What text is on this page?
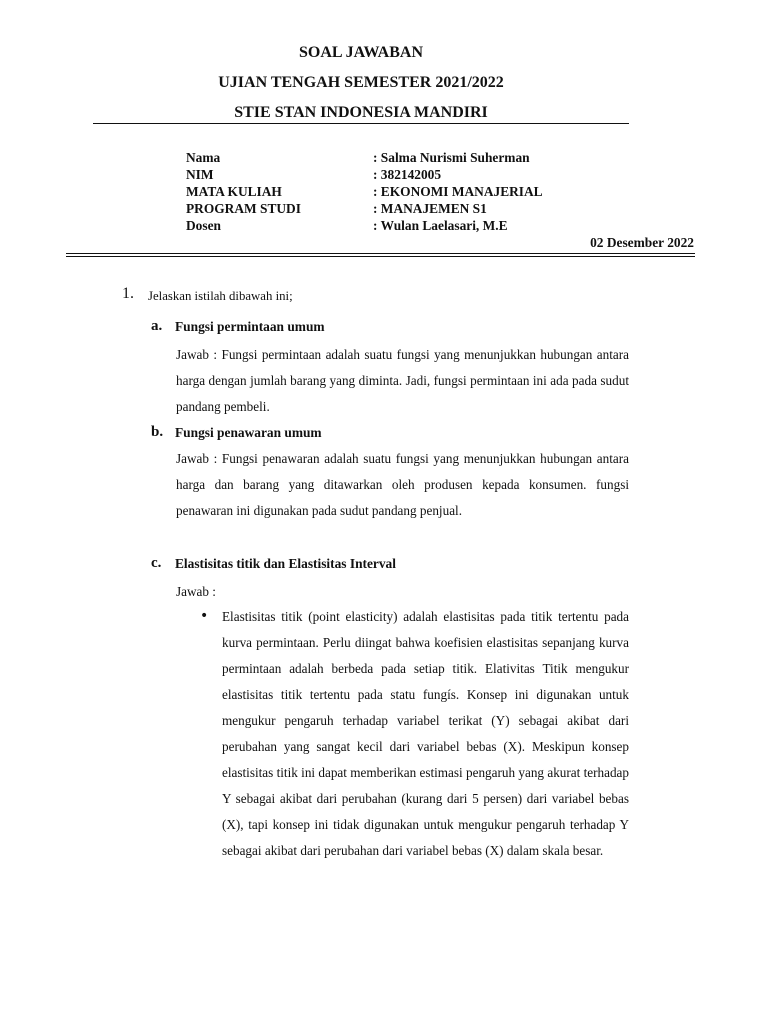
SOAL JAWABAN
UJIAN TENGAH SEMESTER 2021/2022
STIE STAN INDONESIA MANDIRI
Nama	: Salma Nurismi Suherman
NIM	: 382142005
MATA KULIAH	: EKONOMI MANAJERIAL
PROGRAM STUDI	: MANAJEMEN S1
Dosen	: Wulan Laelasari, M.E
02 Desember 2022
1. Jelaskan istilah dibawah ini;
a. Fungsi permintaan umum
Jawab : Fungsi permintaan adalah suatu fungsi yang menunjukkan hubungan antara harga dengan jumlah barang yang diminta. Jadi, fungsi permintaan ini ada pada sudut pandang pembeli.
b. Fungsi penawaran umum
Jawab : Fungsi penawaran adalah suatu fungsi yang menunjukkan hubungan antara harga dan barang yang ditawarkan oleh produsen kepada konsumen. fungsi penawaran ini digunakan pada sudut pandang penjual.
c. Elastisitas titik dan Elastisitas Interval
Jawab :
• Elastisitas titik (point elasticity) adalah elastisitas pada titik tertentu pada kurva permintaan. Perlu diingat bahwa koefisien elastisitas sepanjang kurva permintaan adalah berbeda pada setiap titik. Elativitas Titik mengukur elastisitas titik tertentu pada statu fungís. Konsep ini digunakan untuk mengukur pengaruh terhadap variabel terikat (Y) sebagai akibat dari perubahan yang sangat kecil dari variabel bebas (X). Meskipun konsep elastisitas titik ini dapat memberikan estimasi pengaruh yang akurat terhadap Y sebagai akibat dari perubahan (kurang dari 5 persen) dari variabel bebas (X), tapi konsep ini tidak digunakan untuk mengukur pengaruh terhadap Y sebagai akibat dari perubahan dari variabel bebas (X) dalam skala besar.
